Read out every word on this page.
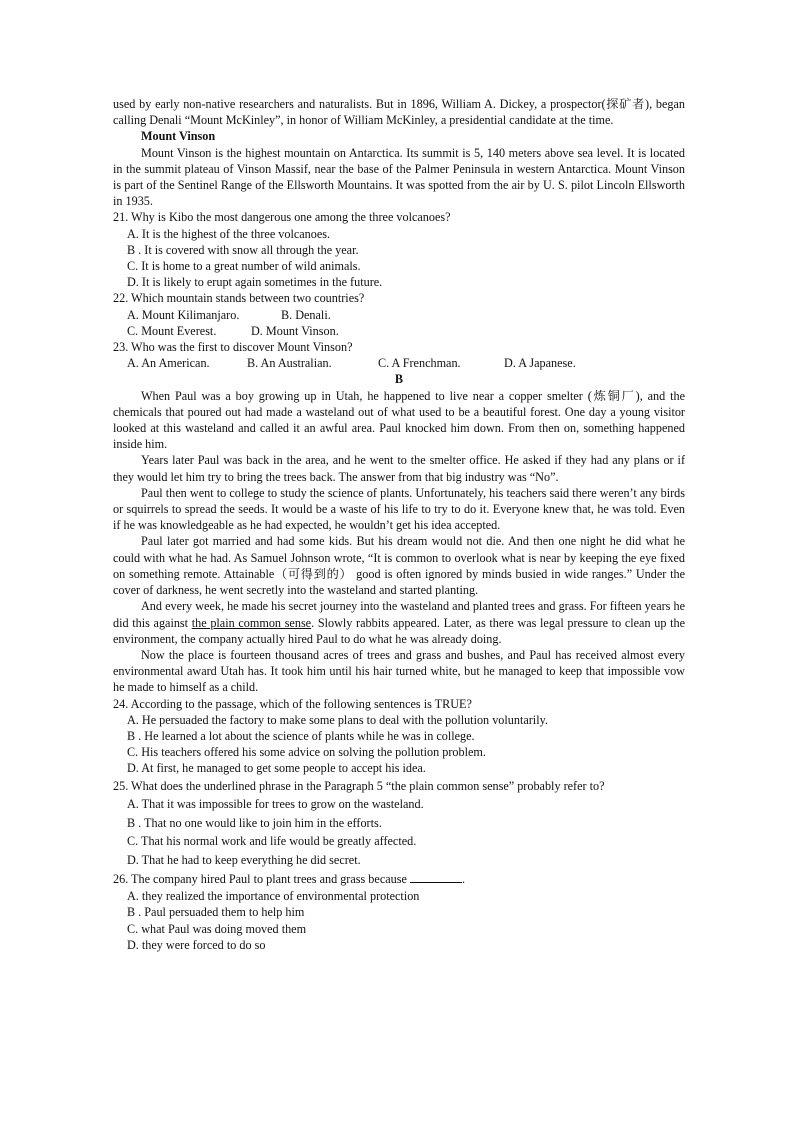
used by early non-native researchers and naturalists. But in 1896, William A. Dickey, a prospector(探矿者), began calling Denali “Mount McKinley”, in honor of William McKinley, a presidential candidate at the time.

Mount Vinson

Mount Vinson is the highest mountain on Antarctica. Its summit is 5, 140 meters above sea level. It is located in the summit plateau of Vinson Massif, near the base of the Palmer Peninsula in western Antarctica. Mount Vinson is part of the Sentinel Range of the Ellsworth Mountains. It was spotted from the air by U. S. pilot Lincoln Ellsworth in 1935.

21. Why is Kibo the most dangerous one among the three volcanoes?

A. It is the highest of the three volcanoes.

B . It is covered with snow all through the year.

C. It is home to a great number of wild animals.

D. It is likely to erupt again sometimes in the future.

22. Which mountain stands between two countries?

A. Mount Kilimanjaro.	B. Denali.

C. Mount Everest.	D. Mount Vinson.

23. Who was the first to discover Mount Vinson?

A. An American.	B. An Australian.	C. A Frenchman.	D. A Japanese.

B

When Paul was a boy growing up in Utah, he happened to live near a copper smelter (炼铜厂), and the chemicals that poured out had made a wasteland out of what used to be a beautiful forest. One day a young visitor looked at this wasteland and called it an awful area. Paul knocked him down. From then on, something happened inside him.

Years later Paul was back in the area, and he went to the smelter office. He asked if they had any plans or if they would let him try to bring the trees back. The answer from that big industry was “No”.

Paul then went to college to study the science of plants. Unfortunately, his teachers said there weren’t any birds or squirrels to spread the seeds. It would be a waste of his life to try to do it. Everyone knew that, he was told. Even if he was knowledgeable as he had expected, he wouldn’t get his idea accepted.

Paul later got married and had some kids. But his dream would not die. And then one night he did what he could with what he had. As Samuel Johnson wrote, “It is common to overlook what is near by keeping the eye fixed on something remote. Attainable（可得到的） good is often ignored by minds busied in wide ranges.” Under the cover of darkness, he went secretly into the wasteland and started planting.

And every week, he made his secret journey into the wasteland and planted trees and grass. For fifteen years he did this against the plain common sense. Slowly rabbits appeared. Later, as there was legal pressure to clean up the environment, the company actually hired Paul to do what he was already doing.

Now the place is fourteen thousand acres of trees and grass and bushes, and Paul has received almost every environmental award Utah has. It took him until his hair turned white, but he managed to keep that impossible vow he made to himself as a child.

24. According to the passage, which of the following sentences is TRUE?

A. He persuaded the factory to make some plans to deal with the pollution voluntarily.

B . He learned a lot about the science of plants while he was in college.

C. His teachers offered his some advice on solving the pollution problem.

D. At first, he managed to get some people to accept his idea.

25. What does the underlined phrase in the Paragraph 5 “the plain common sense” probably refer to?

A. That it was impossible for trees to grow on the wasteland.

B . That no one would like to join him in the efforts.

C. That his normal work and life would be greatly affected.

D. That he had to keep everything he did secret.

26. The company hired Paul to plant trees and grass because	.

A. they realized the importance of environmental protection

B . Paul persuaded them to help him

C. what Paul was doing moved them

D. they were forced to do so
